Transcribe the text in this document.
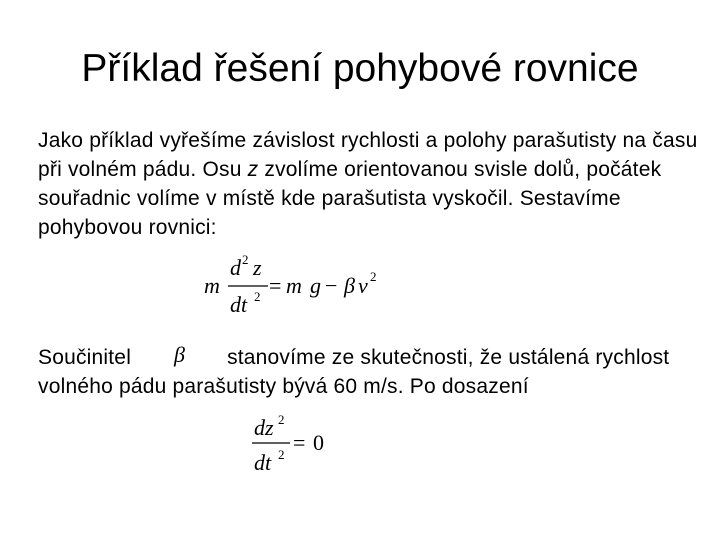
Příklad řešení pohybové rovnice
Jako příklad vyřešíme závislost rychlosti a polohy parašutisty na času při volném pádu. Osu z zvolíme orientovanou svisle dolů, počátek souřadnic volíme v místě kde parašutista vyskočil. Sestavíme pohybovou rovnici:
m
d 2 z
dt 2 = m g − β v 2
Součinitel	stanovíme ze skutečnosti, že ustálená rychlost volného pádu parašutisty bývá 60 m/s. Po dosazení
β
dz 2
dt 2 = 0
